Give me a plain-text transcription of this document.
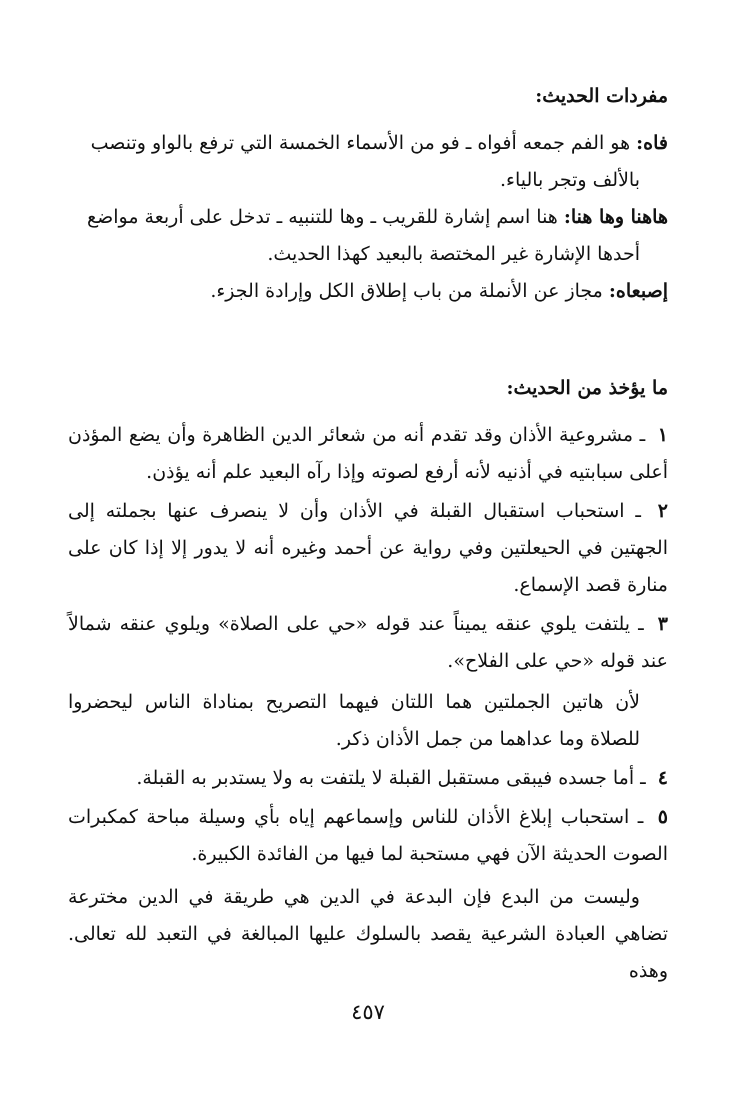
مفردات الحديث:

فاه: هو الفم جمعه أفواه ـ فو من الأسماء الخمسة التي ترفع بالواو وتنصب
بالألف وتجر بالياء.
هاهنا وها هنا: هنا اسم إشارة للقريب ـ وها للتنبيه ـ تدخل على أربعة مواضع
أحدها الإشارة غير المختصة بالبعيد كهذا الحديث.
إصبعاه: مجاز عن الأنملة من باب إطلاق الكل وإرادة الجزء.

ما يؤخذ من الحديث:

١ ـ مشروعية الأذان وقد تقدم أنه من شعائر الدين الظاهرة وأن يضع المؤذن أعلى سبابتيه في أذنيه لأنه أرفع لصوته وإذا رآه البعيد علم أنه يؤذن.

٢ ـ استحباب استقبال القبلة في الأذان وأن لا ينصرف عنها بجملته إلى الجهتين في الحيعلتين وفي رواية عن أحمد وغيره أنه لا يدور إلا إذا كان على منارة قصد الإسماع.

٣ ـ يلتفت يلوي عنقه يميناً عند قوله «حي على الصلاة» ويلوي عنقه شمالاً عند قوله «حي على الفلاح».

لأن هاتين الجملتين هما اللتان فيهما التصريح بمناداة الناس ليحضروا للصلاة وما عداهما من جمل الأذان ذكر.

٤ ـ أما جسده فيبقى مستقبل القبلة لا يلتفت به ولا يستدبر به القبلة.

٥ ـ استحباب إبلاغ الأذان للناس وإسماعهم إياه بأي وسيلة مباحة كمكبرات الصوت الحديثة الآن فهي مستحبة لما فيها من الفائدة الكبيرة.

وليست من البدع فإن البدعة في الدين هي طريقة في الدين مخترعة تضاهي العبادة الشرعية يقصد بالسلوك عليها المبالغة في التعبد لله تعالى. وهذه

٤٥٧
